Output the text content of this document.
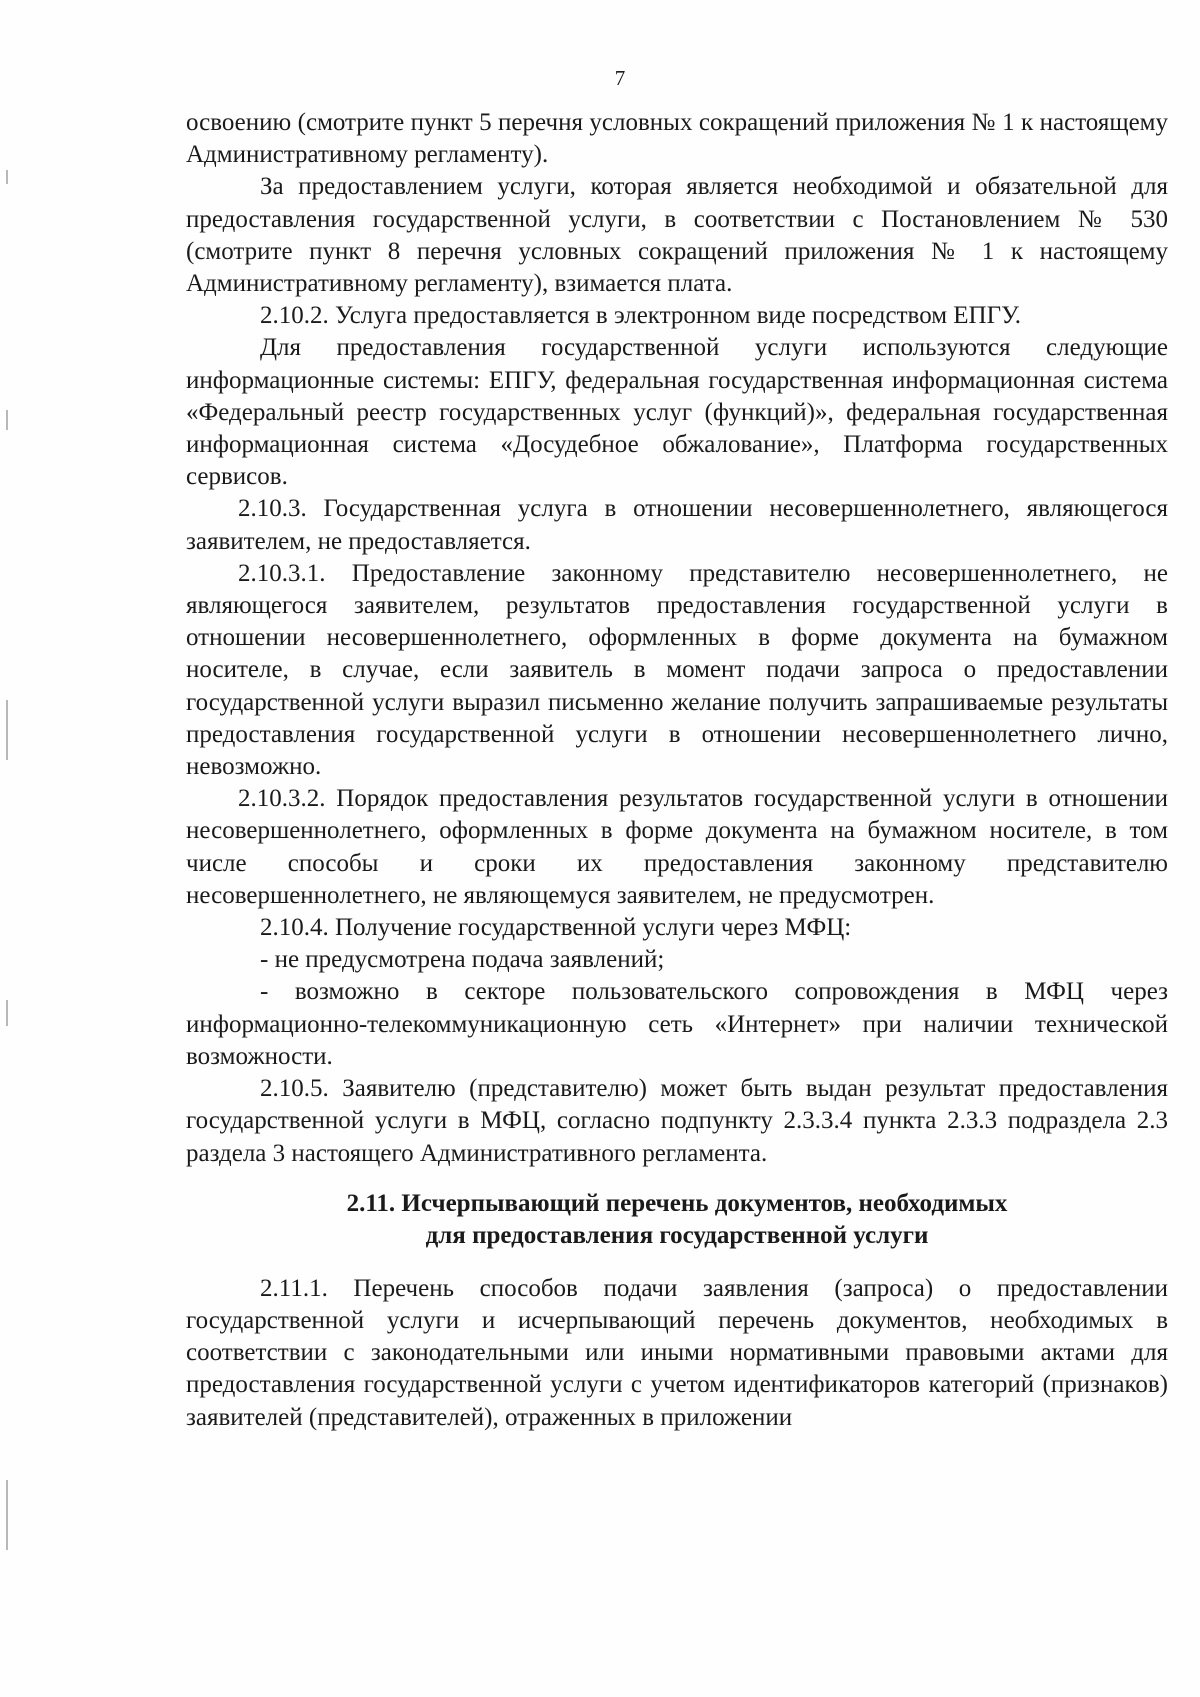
7

освоению (смотрите пункт 5 перечня условных сокращений приложения № 1 к настоящему Административному регламенту).

За предоставлением услуги, которая является необходимой и обязательной для предоставления государственной услуги, в соответствии с Постановлением № 530 (смотрите пункт 8 перечня условных сокращений приложения № 1 к настоящему Административному регламенту), взимается плата.

2.10.2. Услуга предоставляется в электронном виде посредством ЕПГУ.

Для предоставления государственной услуги используются следующие информационные системы: ЕПГУ, федеральная государственная информационная система «Федеральный реестр государственных услуг (функций)», федеральная государственная информационная система «Досудебное обжалование», Платформа государственных сервисов.

2.10.3. Государственная услуга в отношении несовершеннолетнего, являющегося заявителем, не предоставляется.

2.10.3.1. Предоставление законному представителю несовершеннолетнего, не являющегося заявителем, результатов предоставления государственной услуги в отношении несовершеннолетнего, оформленных в форме документа на бумажном носителе, в случае, если заявитель в момент подачи запроса о предоставлении государственной услуги выразил письменно желание получить запрашиваемые результаты предоставления государственной услуги в отношении несовершеннолетнего лично, невозможно.

2.10.3.2. Порядок предоставления результатов государственной услуги в отношении несовершеннолетнего, оформленных в форме документа на бумажном носителе, в том числе способы и сроки их предоставления законному представителю несовершеннолетнего, не являющемуся заявителем, не предусмотрен.

2.10.4. Получение государственной услуги через МФЦ:

- не предусмотрена подача заявлений;

- возможно в секторе пользовательского сопровождения в МФЦ через информационно-телекоммуникационную сеть «Интернет» при наличии технической возможности.

2.10.5. Заявителю (представителю) может быть выдан результат предоставления государственной услуги в МФЦ, согласно подпункту 2.3.3.4 пункта 2.3.3 подраздела 2.3 раздела 3 настоящего Административного регламента.

2.11. Исчерпывающий перечень документов, необходимых
для предоставления государственной услуги

2.11.1. Перечень способов подачи заявления (запроса) о предоставлении государственной услуги и исчерпывающий перечень документов, необходимых в соответствии с законодательными или иными нормативными правовыми актами для предоставления государственной услуги с учетом идентификаторов категорий (признаков) заявителей (представителей), отраженных в приложении
